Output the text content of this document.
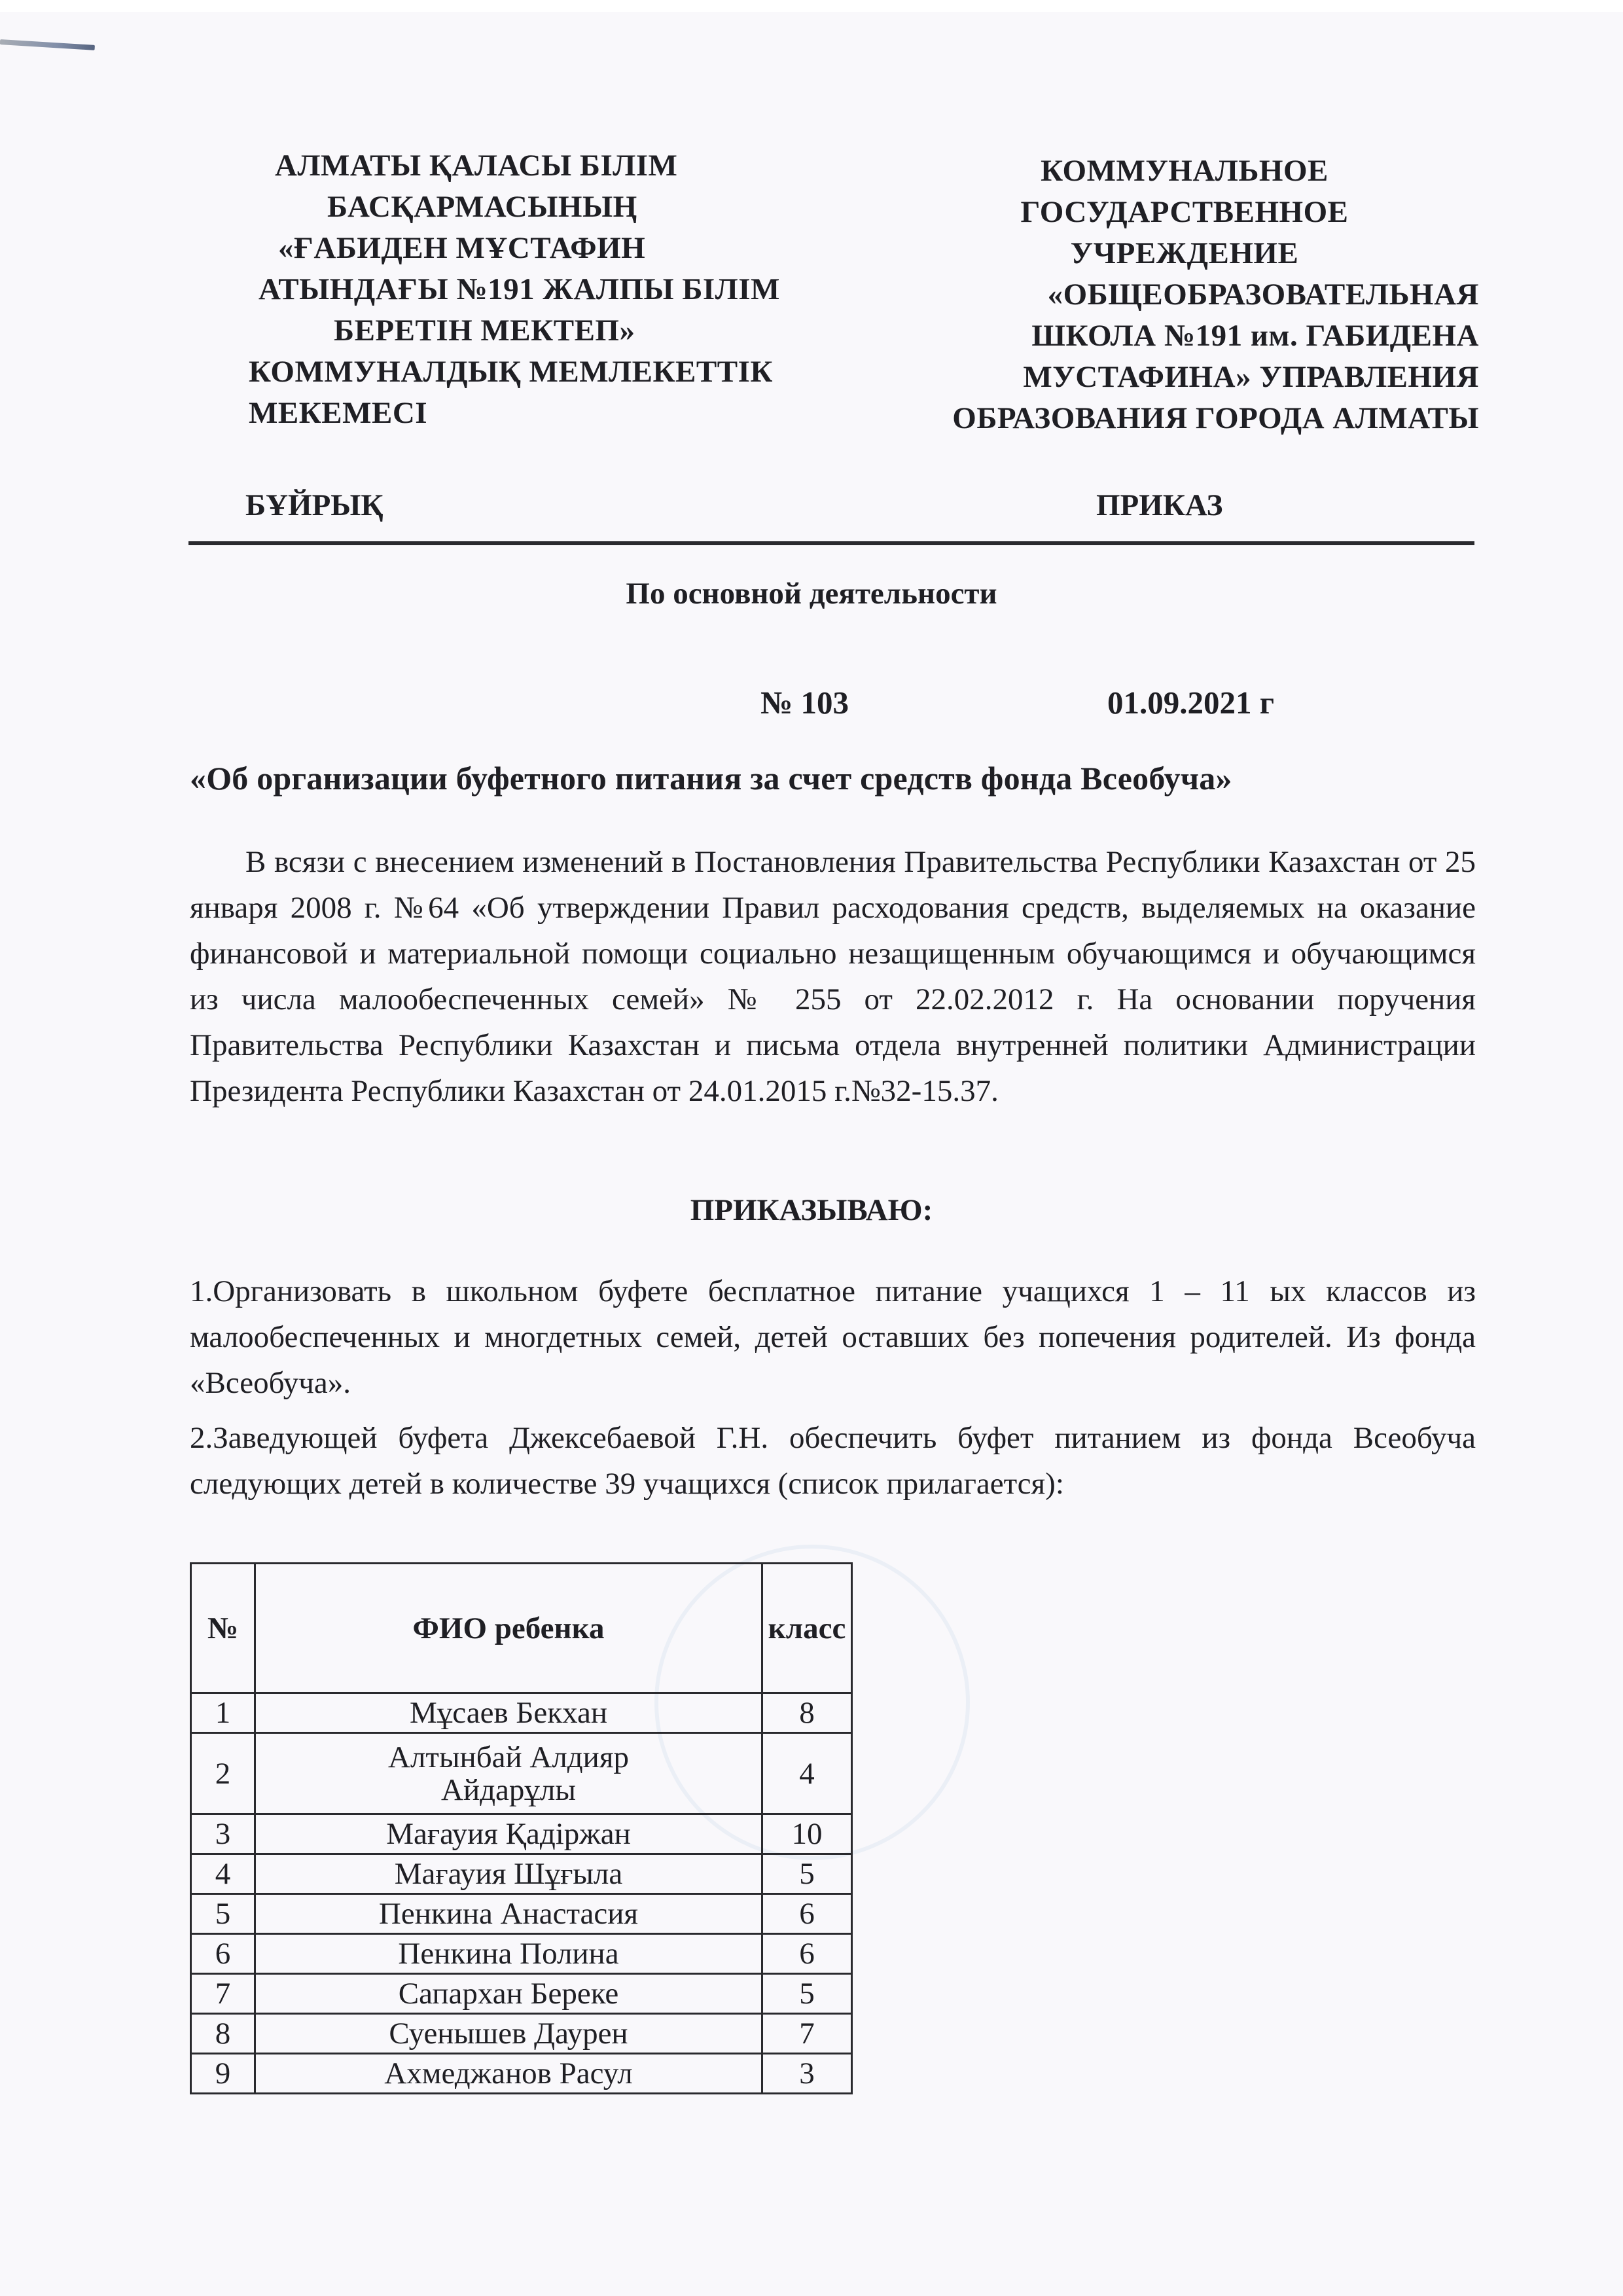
АЛМАТЫ ҚАЛАСЫ БІЛІМ
БАСҚАРМАСЫНЫҢ
«ҒАБИДЕН МҰСТАФИН
АТЫНДАҒЫ №191 ЖАЛПЫ БІЛІМ
БЕРЕТІН МЕКТЕП»
КОММУНАЛДЫҚ МЕМЛЕКЕТТІК
МЕКЕМЕСІ
КОММУНАЛЬНОЕ
ГОСУДАРСТВЕННОЕ
УЧРЕЖДЕНИЕ
«ОБЩЕОБРАЗОВАТЕЛЬНАЯ
ШКОЛА №191 им. ГАБИДЕНА
МУСТАФИНА» УПРАВЛЕНИЯ
ОБРАЗОВАНИЯ ГОРОДА АЛМАТЫ
БҰЙРЫҚ	ПРИКАЗ
По основной деятельности
№ 103	01.09.2021 г
«Об организации буфетного питания за счет средств фонда Всеобуча»
В всязи с внесением изменений в Постановления Правительства Республики Казахстан от 25 января 2008 г. №64 «Об утверждении Правил расходования средств, выделяемых на оказание финансовой и материальной помощи социально незащищенным обучающимся и обучающимся из числа малообеспеченных семей» № 255 от 22.02.2012 г. На основании поручения Правительства Республики Казахстан и письма отдела внутренней политики Администрации Президента Республики Казахстан от 24.01.2015 г.№32-15.37.
ПРИКАЗЫВАЮ:
1.Организовать в школьном буфете бесплатное питание учащихся 1 – 11 ых классов из малообеспеченных и многдетных семей, детей оставших без попечения родителей. Из фонда «Всеобуча».
2.Заведующей буфета Джексебаевой Г.Н. обеспечить буфет питанием из фонда Всеобуча следующих детей в количестве 39 учащихся (список прилагается):
№	ФИО ребенка	класс
1	Мұсаев Бекхан	8
2	Алтынбай Алдияр Айдарұлы	4
3	Мағауия Қадіржан	10
4	Мағауия Шұғыла	5
5	Пенкина Анастасия	6
6	Пенкина Полина	6
7	Сапархан Береке	5
8	Суенышев Даурен	7
9	Ахмеджанов Расул	3
